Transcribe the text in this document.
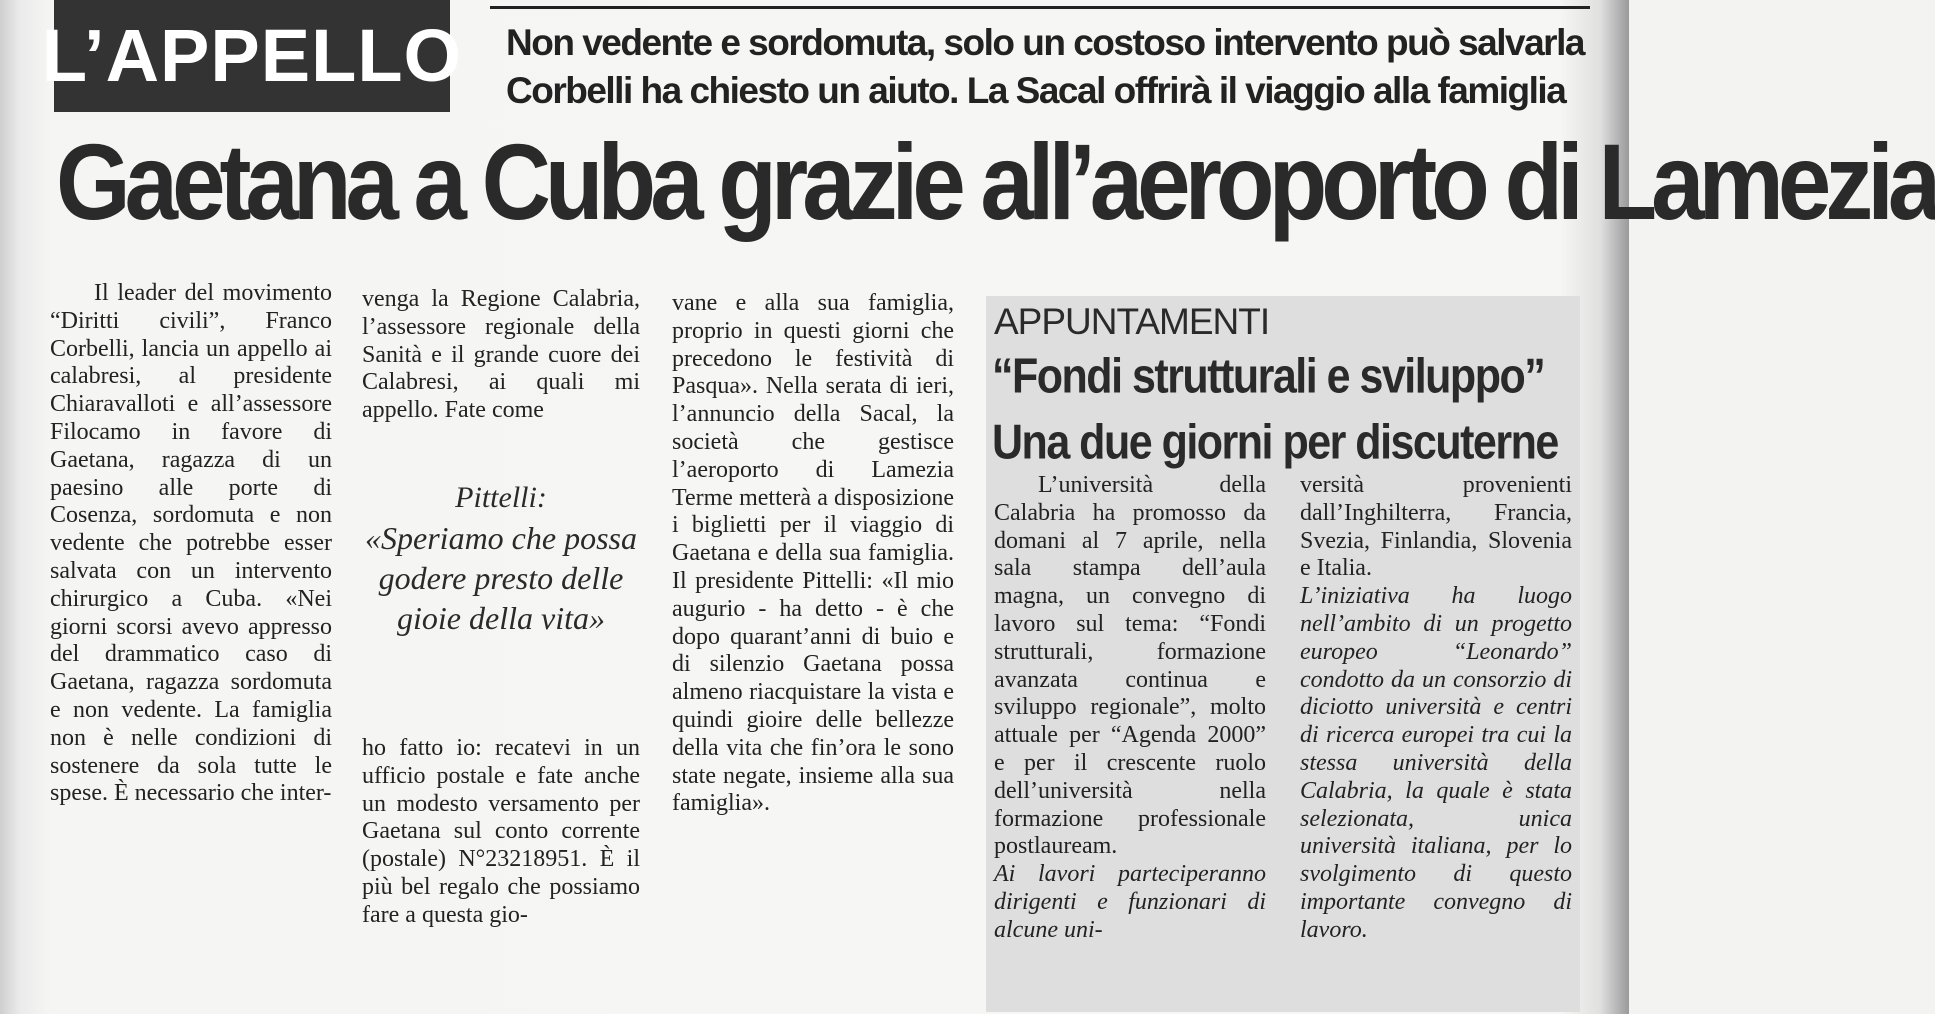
L’APPELLO Non vedente e sordomuta, solo un costoso intervento può salvarla
Corbelli ha chiesto un aiuto. La Sacal offrirà il viaggio alla famiglia
Gaetana a Cuba grazie all’aeroporto di Lamezia

Il leader del movimento “Diritti civili”, Franco Corbelli, lancia un appello ai calabresi, al presidente Chiaravalloti e all’assessore Filocamo in favore di Gaetana, ragazza di un paesino alle porte di Cosenza, sordomuta e non vedente che potrebbe esser salvata con un intervento chirurgico a Cuba. «Nei giorni scorsi avevo appresso del drammatico caso di Gaetana, ragazza sordomuta e non vedente. La famiglia non è nelle condizioni di sostenere da sola tutte le spese. È necessario che inter-

venga la Regione Calabria, l’assessore regionale della Sanità e il grande cuore dei Calabresi, ai quali mi appello. Fate come

Pittelli:
«Speriamo che possa godere presto delle gioie della vita»

ho fatto io: recatevi in un ufficio postale e fate anche un modesto versamento per Gaetana sul conto corrente (postale) N°23218951. È il più bel regalo che possiamo fare a questa gio-

vane e alla sua famiglia, proprio in questi giorni che precedono le festività di Pasqua». Nella serata di ieri, l’annuncio della Sacal, la società che gestisce l’aeroporto di Lamezia Terme metterà a disposizione i biglietti per il viaggio di Gaetana e della sua famiglia. Il presidente Pittelli: «Il mio augurio - ha detto - è che dopo quarant’anni di buio e di silenzio Gaetana possa almeno riacquistare la vista e quindi gioire delle bellezze della vita che fin’ora le sono state negate, insieme alla sua famiglia».

APPUNTAMENTI
“Fondi strutturali e sviluppo”
Una due giorni per discuterne

L’università della Calabria ha promosso da domani al 7 aprile, nella sala stampa dell’aula magna, un convegno di lavoro sul tema: “Fondi strutturali, formazione avanzata continua e sviluppo regionale”, molto attuale per “Agenda 2000” e per il crescente ruolo dell’università nella formazione professionale postlauream.

Ai lavori parteciperanno dirigenti e funzionari di alcune uni-

versità provenienti dall’Inghilterra, Francia, Svezia, Finlandia, Slovenia e Italia.

L’iniziativa ha luogo nell’ambito di un progetto europeo “Leonardo” condotto da un consorzio di diciotto università e centri di ricerca europei tra cui la stessa università della Calabria, la quale è stata selezionata, unica università italiana, per lo svolgimento di questo importante convegno di lavoro.
